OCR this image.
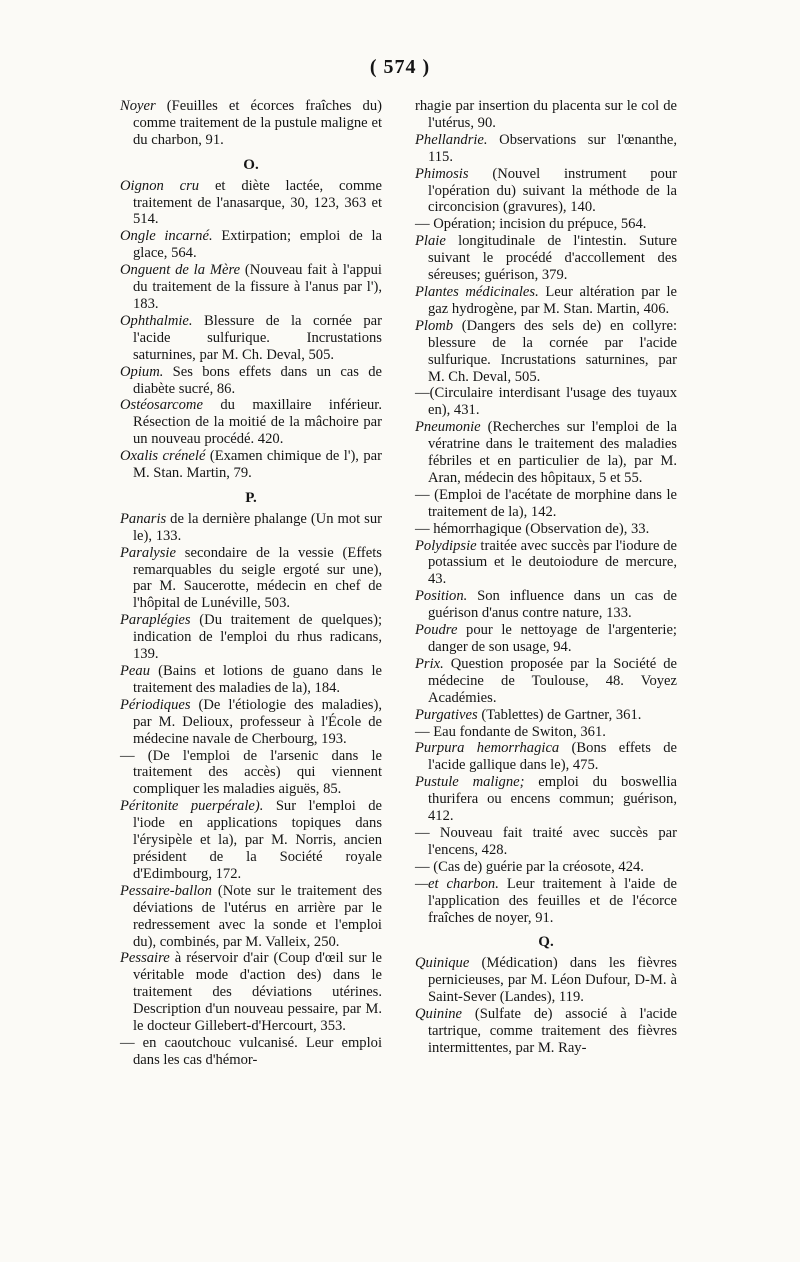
( 574 )

Noyer (Feuilles et écorces fraîches du) comme traitement de la pustule maligne et du charbon, 91.

O.

Oignon cru et diète lactée, comme traitement de l'anasarque, 30, 123, 363 et 514.

Ongle incarné. Extirpation; emploi de la glace, 564.

Onguent de la Mère (Nouveau fait à l'appui du traitement de la fissure à l'anus par l'), 183.

Ophthalmie. Blessure de la cornée par l'acide sulfurique. Incrustations saturnines, par M. Ch. Deval, 505.

Opium. Ses bons effets dans un cas de diabète sucré, 86.

Ostéosarcome du maxillaire inférieur. Résection de la moitié de la mâchoire par un nouveau procédé. 420.

Oxalis crénelé (Examen chimique de l'), par M. Stan. Martin, 79.

P.

Panaris de la dernière phalange (Un mot sur le), 133.

Paralysie secondaire de la vessie (Effets remarquables du seigle ergoté sur une), par M. Saucerotte, médecin en chef de l'hôpital de Lunéville, 503.

Paraplégies (Du traitement de quelques); indication de l'emploi du rhus radicans, 139.

Peau (Bains et lotions de guano dans le traitement des maladies de la), 184.

Périodiques (De l'étiologie des maladies), par M. Delioux, professeur à l'École de médecine navale de Cherbourg, 193.

— (De l'emploi de l'arsenic dans le traitement des accès) qui viennent compliquer les maladies aiguës, 85.

Péritonite puerpérale). Sur l'emploi de l'iode en applications topiques dans l'érysipèle et la), par M. Norris, ancien président de la Société royale d'Edimbourg, 172.

Pessaire-ballon (Note sur le traitement des déviations de l'utérus en arrière par le redressement avec la sonde et l'emploi du), combinés, par M. Valleix, 250.

Pessaire à réservoir d'air (Coup d'œil sur le véritable mode d'action des) dans le traitement des déviations utérines. Description d'un nouveau pessaire, par M. le docteur Gillebert-d'Hercourt, 353.

— en caoutchouc vulcanisé. Leur emploi dans les cas d'hémor-

rhagie par insertion du placenta sur le col de l'utérus, 90.

Phellandrie. Observations sur l'œnanthe, 115.

Phimosis (Nouvel instrument pour l'opération du) suivant la méthode de la circoncision (gravures), 140.

— Opération; incision du prépuce, 564.

Plaie longitudinale de l'intestin. Suture suivant le procédé d'accollement des séreuses; guérison, 379.

Plantes médicinales. Leur altération par le gaz hydrogène, par M. Stan. Martin, 406.

Plomb (Dangers des sels de) en collyre: blessure de la cornée par l'acide sulfurique. Incrustations saturnines, par M. Ch. Deval, 505.

—(Circulaire interdisant l'usage des tuyaux en), 431.

Pneumonie (Recherches sur l'emploi de la vératrine dans le traitement des maladies fébriles et en particulier de la), par M. Aran, médecin des hôpitaux, 5 et 55.

— (Emploi de l'acétate de morphine dans le traitement de la), 142.

— hémorrhagique (Observation de), 33.

Polydipsie traitée avec succès par l'iodure de potassium et le deutoiodure de mercure, 43.

Position. Son influence dans un cas de guérison d'anus contre nature, 133.

Poudre pour le nettoyage de l'argenterie; danger de son usage, 94.

Prix. Question proposée par la Société de médecine de Toulouse, 48. Voyez Académies.

Purgatives (Tablettes) de Gartner, 361.

— Eau fondante de Switon, 361.

Purpura hemorrhagica (Bons effets de l'acide gallique dans le), 475.

Pustule maligne; emploi du boswellia thurifera ou encens commun; guérison, 412.

— Nouveau fait traité avec succès par l'encens, 428.

— (Cas de) guérie par la créosote, 424.

—et charbon. Leur traitement à l'aide de l'application des feuilles et de l'écorce fraîches de noyer, 91.

Q.

Quinique (Médication) dans les fièvres pernicieuses, par M. Léon Dufour, D-M. à Saint-Sever (Landes), 119.

Quinine (Sulfate de) associé à l'acide tartrique, comme traitement des fièvres intermittentes, par M. Ray-
